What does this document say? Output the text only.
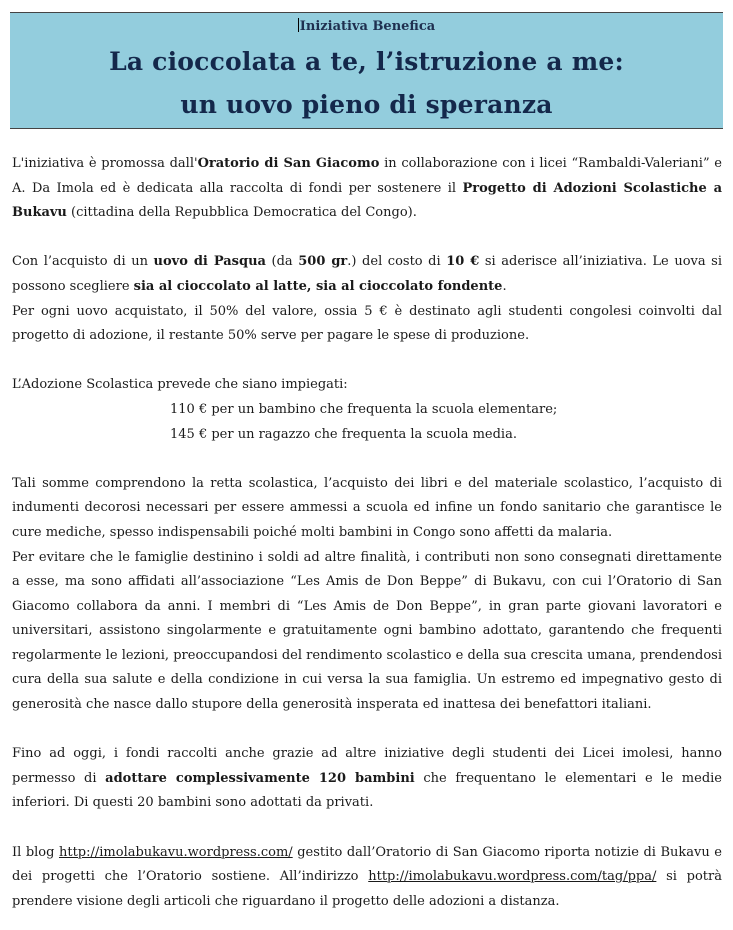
Iniziativa Benefica
La cioccolata a te, l’istruzione a me:
un uovo pieno di speranza

L'iniziativa è promossa dall'Oratorio di San Giacomo in collaborazione con i licei “Rambaldi-Valeriani” e A. Da Imola ed è dedicata alla raccolta di fondi per sostenere il Progetto di Adozioni Scolastiche a Bukavu (cittadina della Repubblica Democratica del Congo).

Con l’acquisto di un uovo di Pasqua (da 500 gr.) del costo di 10 € si aderisce all’iniziativa. Le uova si possono scegliere sia al cioccolato al latte, sia al cioccolato fondente.

Per ogni uovo acquistato, il 50% del valore, ossia 5 € è destinato agli studenti congolesi coinvolti dal progetto di adozione, il restante 50% serve per pagare le spese di produzione.

L’Adozione Scolastica prevede che siano impiegati:

110 € per un bambino che frequenta la scuola elementare;

145 € per un ragazzo che frequenta la scuola media.

Tali somme comprendono la retta scolastica, l’acquisto dei libri e del materiale scolastico, l’acquisto di indumenti decorosi necessari per essere ammessi a scuola ed infine un fondo sanitario che garantisce le cure mediche, spesso indispensabili poiché molti bambini in Congo sono affetti da malaria.

Per evitare che le famiglie destinino i soldi ad altre finalità, i contributi non sono consegnati direttamente a esse, ma sono affidati all’associazione “Les Amis de Don Beppe” di Bukavu, con cui l’Oratorio di San Giacomo collabora da anni. I membri di “Les Amis de Don Beppe”, in gran parte giovani lavoratori e universitari, assistono singolarmente e gratuitamente ogni bambino adottato, garantendo che frequenti regolarmente le lezioni, preoccupandosi del rendimento scolastico e della sua crescita umana, prendendosi cura della sua salute e della condizione in cui versa la sua famiglia. Un estremo ed impegnativo gesto di generosità che nasce dallo stupore della generosità insperata ed inattesa dei benefattori italiani.

Fino ad oggi, i fondi raccolti anche grazie ad altre iniziative degli studenti dei Licei imolesi, hanno permesso di adottare complessivamente 120 bambini che frequentano le elementari e le medie inferiori. Di questi 20 bambini sono adottati da privati.

Il blog http://imolabukavu.wordpress.com/ gestito dall’Oratorio di San Giacomo riporta notizie di Bukavu e dei progetti che l’Oratorio sostiene. All’indirizzo http://imolabukavu.wordpress.com/tag/ppa/ si potrà prendere visione degli articoli che riguardano il progetto delle adozioni a distanza.
